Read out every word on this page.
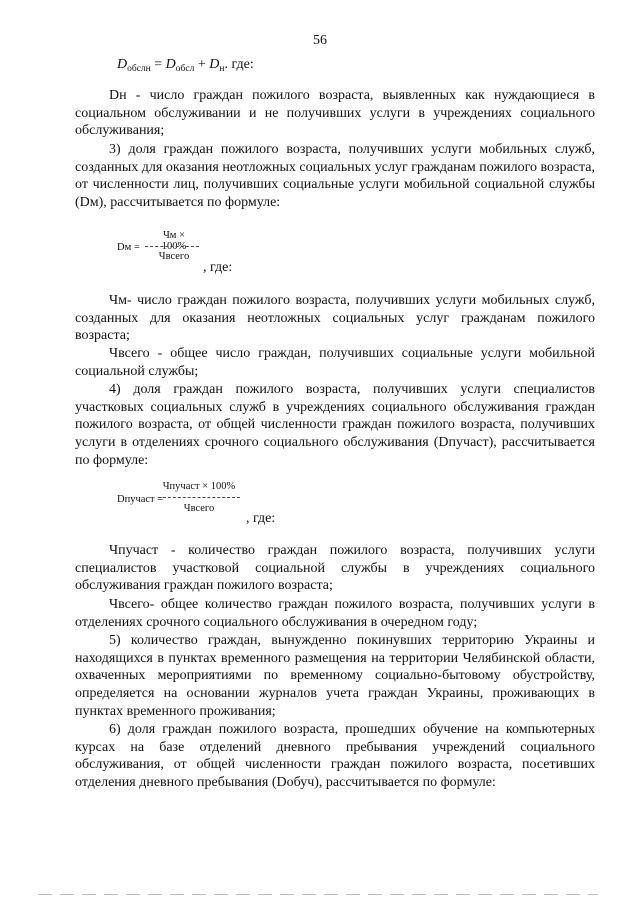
56
$D_{обслн} = D_{обсл} + D_н$. где:
Dн - число граждан пожилого возраста, выявленных как нуждающиеся в социальном обслуживании и не получивших услуги в учреждениях социального обслуживания;
3) доля граждан пожилого возраста, получивших услуги мобильных служб, созданных для оказания неотложных социальных услуг гражданам пожилого возраста, от численности лиц, получивших социальные услуги мобильной социальной службы (Dм), рассчитывается по формуле:
Dм =
Чм × 100%
Чвсего
, где:
Чм- число граждан пожилого возраста, получивших услуги мобильных служб, созданных для оказания неотложных социальных услуг гражданам пожилого возраста;
Чвсего - общее число граждан, получивших социальные услуги мобильной социальной службы;
4) доля граждан пожилого возраста, получивших услуги специалистов участковых социальных служб в учреждениях социального обслуживания граждан пожилого возраста, от общей численности граждан пожилого возраста, получивших услуги в отделениях срочного социального обслуживания (Dпучаст), рассчитывается по формуле:
Dпучаст =
Чпучаст × 100%
Чвсего
, где:
Чпучаст - количество граждан пожилого возраста, получивших услуги специалистов участковой социальной службы в учреждениях социального обслуживания граждан пожилого возраста;
Чвсего- общее количество граждан пожилого возраста, получивших услуги в отделениях срочного социального обслуживания в очередном году;
5) количество граждан, вынужденно покинувших территорию Украины и находящихся в пунктах временного размещения на территории Челябинской области, охваченных мероприятиями по временному социально-бытовому обустройству, определяется на основании журналов учета граждан Украины, проживающих в пунктах временного проживания;
6) доля граждан пожилого возраста, прошедших обучение на компьютерных курсах на базе отделений дневного пребывания учреждений социального обслуживания, от общей численности граждан пожилого возраста, посетивших отделения дневного пребывания (Dобуч), рассчитывается по формуле:
